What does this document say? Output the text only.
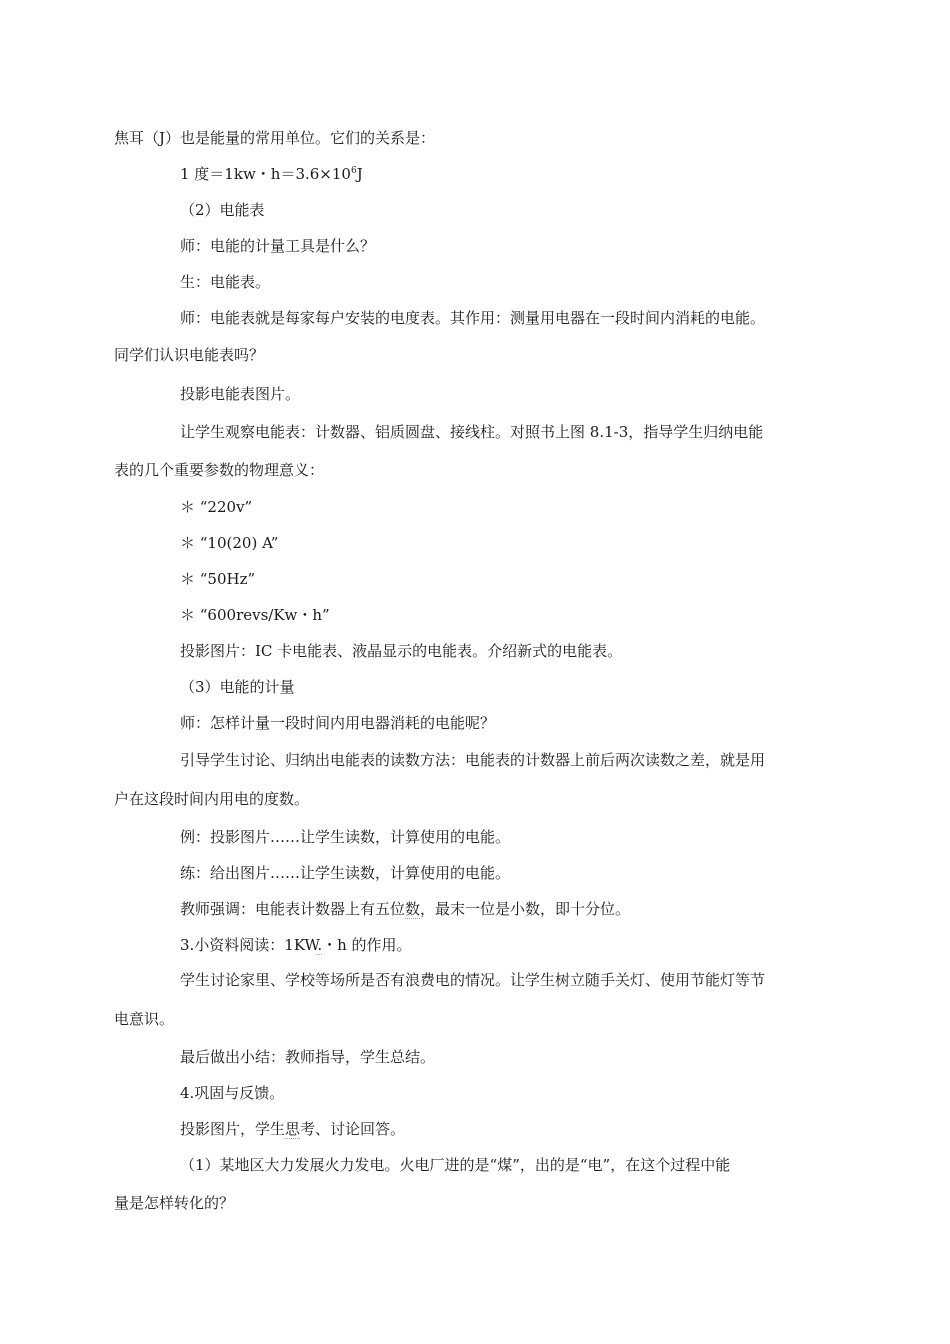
焦耳（J）也是能量的常用单位。它们的关系是：
1 度＝1kw・$h=3.6\times 10^6J$
（2）电能表
师：电能的计量工具是什么？
生：电能表。
师：电能表就是每家每户安装的电度表。其作用：测量用电器在一段时间内消耗的电能。
同学们认识电能表吗？
投影电能表图片。
让学生观察电能表：计数器、铝质圆盘、接线柱。对照书上图 8.1-3，指导学生归纳电能
表的几个重要参数的物理意义：
＊ “220v”
＊ “10(20) A”
＊ “50Hz”
＊ “600revs/Kw・h”
投影图片：IC 卡电能表、液晶显示的电能表。介绍新式的电能表。
（3）电能的计量
师：怎样计量一段时间内用电器消耗的电能呢？
引导学生讨论、归纳出电能表的读数方法：电能表的计数器上前后两次读数之差，就是用
户在这段时间内用电的度数。
例：投影图片……让学生读数，计算使用的电能。
练：给出图片……让学生读数，计算使用的电能。
教师强调：电能表计数器上有五位数，最末一位是小数，即十分位。
3.小资料阅读：1KW.・h 的作用。
学生讨论家里、学校等场所是否有浪费电的情况。让学生树立随手关灯、使用节能灯等节
电意识。
最后做出小结：教师指导，学生总结。
4.巩固与反馈。
投影图片，学生思考、讨论回答。
（1）某地区大力发展火力发电。火电厂进的是“煤”，出的是“电”，在这个过程中能
量是怎样转化的？
